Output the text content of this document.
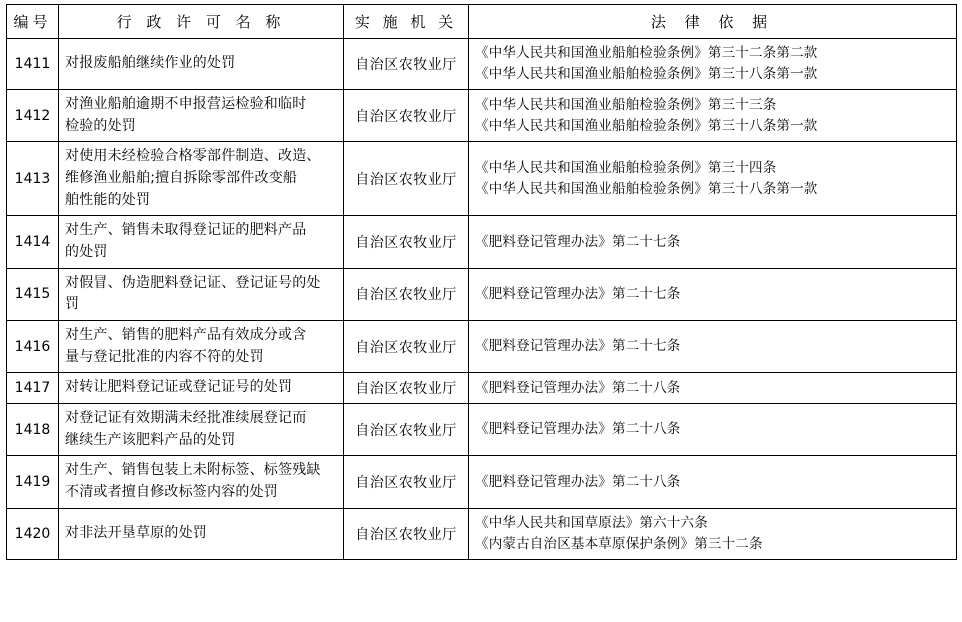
编号	行 政 许 可 名 称	实 施 机 关	法 律 依 据
1411	对报废船舶继续作业的处罚	自治区农牧业厅	《中华人民共和国渔业船舶检验条例》第三十二条第二款
《中华人民共和国渔业船舶检验条例》第三十八条第一款

1412	对渔业船舶逾期不申报营运检验和临时
检验的处罚	自治区农牧业厅	《中华人民共和国渔业船舶检验条例》第三十三条
《中华人民共和国渔业船舶检验条例》第三十八条第一款

1413	对使用未经检验合格零部件制造、改造、
维修渔业船舶;擅自拆除零部件改变船
舶性能的处罚	自治区农牧业厅	《中华人民共和国渔业船舶检验条例》第三十四条
《中华人民共和国渔业船舶检验条例》第三十八条第一款

1414	对生产、销售未取得登记证的肥料产品
的处罚	自治区农牧业厅	《肥料登记管理办法》第二十七条

1415	对假冒、伪造肥料登记证、登记证号的处
罚	自治区农牧业厅	《肥料登记管理办法》第二十七条

1416	对生产、销售的肥料产品有效成分或含
量与登记批准的内容不符的处罚	自治区农牧业厅	《肥料登记管理办法》第二十七条

1417	对转让肥料登记证或登记证号的处罚	自治区农牧业厅	《肥料登记管理办法》第二十八条

1418	对登记证有效期满未经批准续展登记而
继续生产该肥料产品的处罚	自治区农牧业厅	《肥料登记管理办法》第二十八条

1419	对生产、销售包装上未附标签、标签残缺
不清或者擅自修改标签内容的处罚	自治区农牧业厅	《肥料登记管理办法》第二十八条

1420	对非法开垦草原的处罚	自治区农牧业厅	《中华人民共和国草原法》第六十六条
《内蒙古自治区基本草原保护条例》第三十二条
